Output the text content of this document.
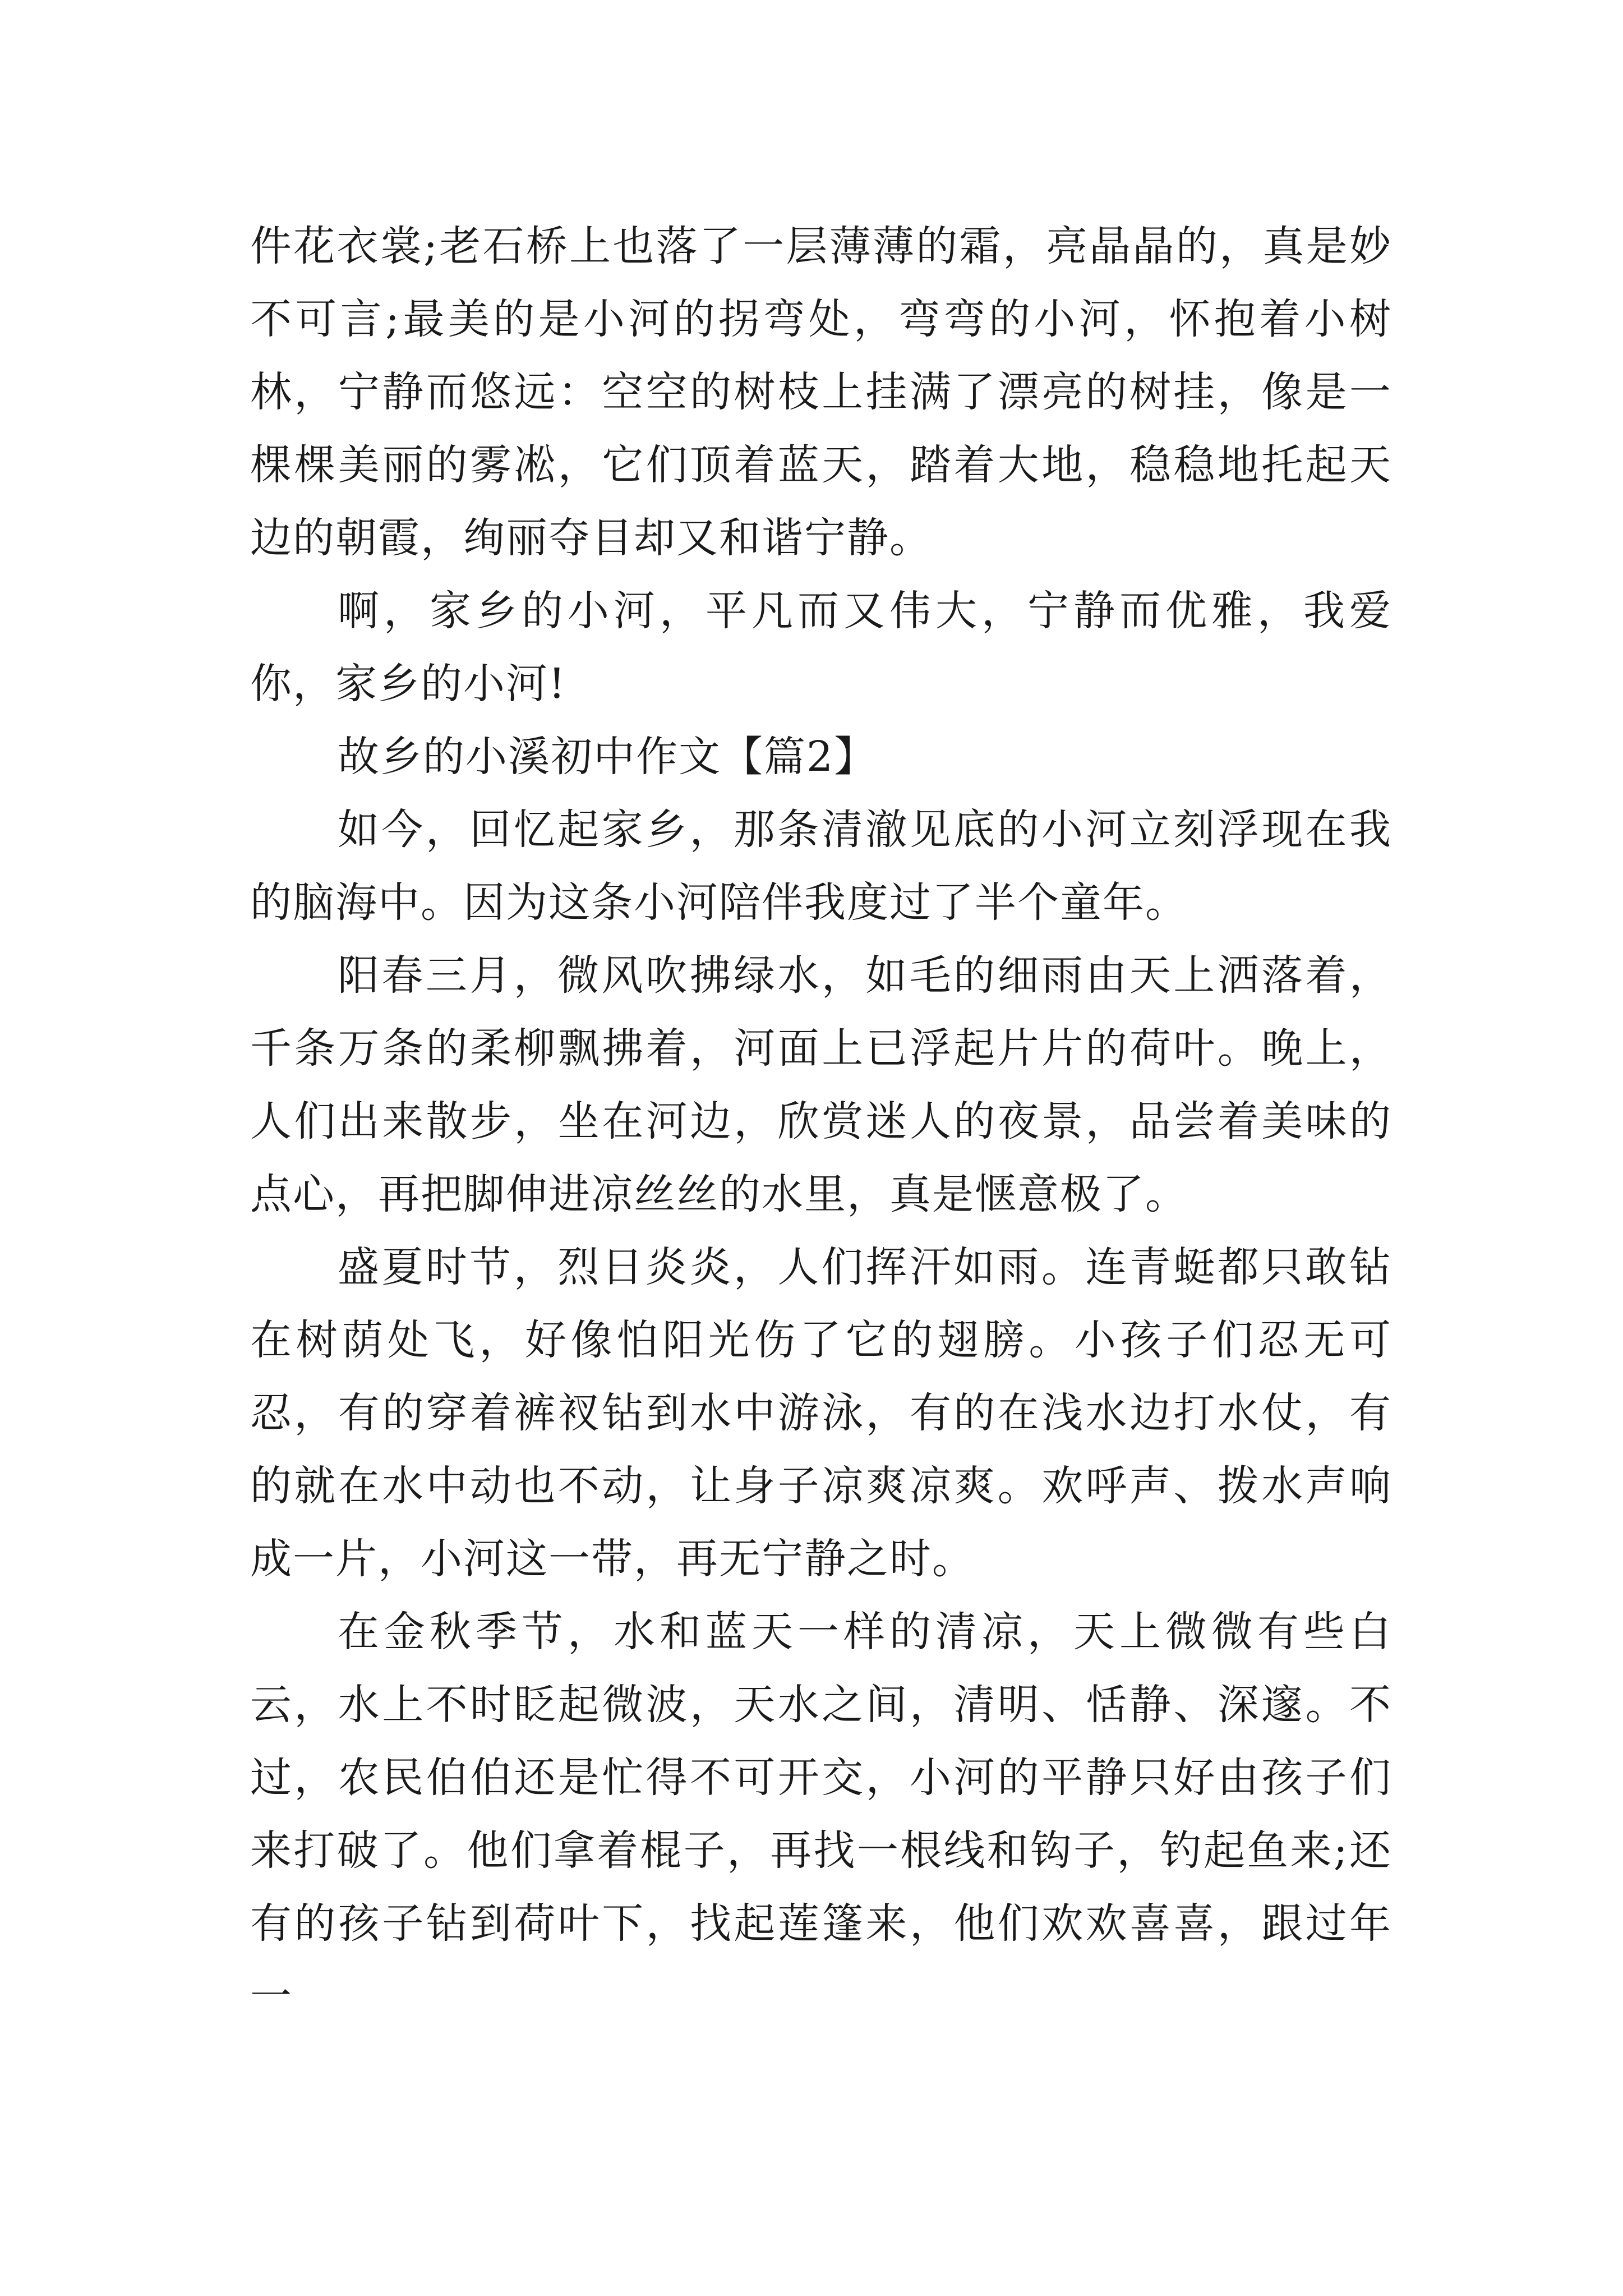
件花衣裳;老石桥上也落了一层薄薄的霜，亮晶晶的，真是妙不可言;最美的是小河的拐弯处，弯弯的小河，怀抱着小树林，宁静而悠远：空空的树枝上挂满了漂亮的树挂，像是一棵棵美丽的雾凇，它们顶着蓝天，踏着大地，稳稳地托起天边的朝霞，绚丽夺目却又和谐宁静。

啊，家乡的小河，平凡而又伟大，宁静而优雅，我爱你，家乡的小河!

故乡的小溪初中作文【篇2】

如今，回忆起家乡，那条清澈见底的小河立刻浮现在我的脑海中。因为这条小河陪伴我度过了半个童年。

阳春三月，微风吹拂绿水，如毛的细雨由天上洒落着，千条万条的柔柳飘拂着，河面上已浮起片片的荷叶。晚上，人们出来散步，坐在河边，欣赏迷人的夜景，品尝着美味的点心，再把脚伸进凉丝丝的水里，真是惬意极了。

盛夏时节，烈日炎炎，人们挥汗如雨。连青蜓都只敢钻在树荫处飞，好像怕阳光伤了它的翅膀。小孩子们忍无可忍，有的穿着裤衩钻到水中游泳，有的在浅水边打水仗，有的就在水中动也不动，让身子凉爽凉爽。欢呼声、拨水声响成一片，小河这一带，再无宁静之时。

在金秋季节，水和蓝天一样的清凉，天上微微有些白云，水上不时眨起微波，天水之间，清明、恬静、深邃。不过，农民伯伯还是忙得不可开交，小河的平静只好由孩子们来打破了。他们拿着棍子，再找一根线和钩子，钓起鱼来;还有的孩子钻到荷叶下，找起莲篷来，他们欢欢喜喜，跟过年一
